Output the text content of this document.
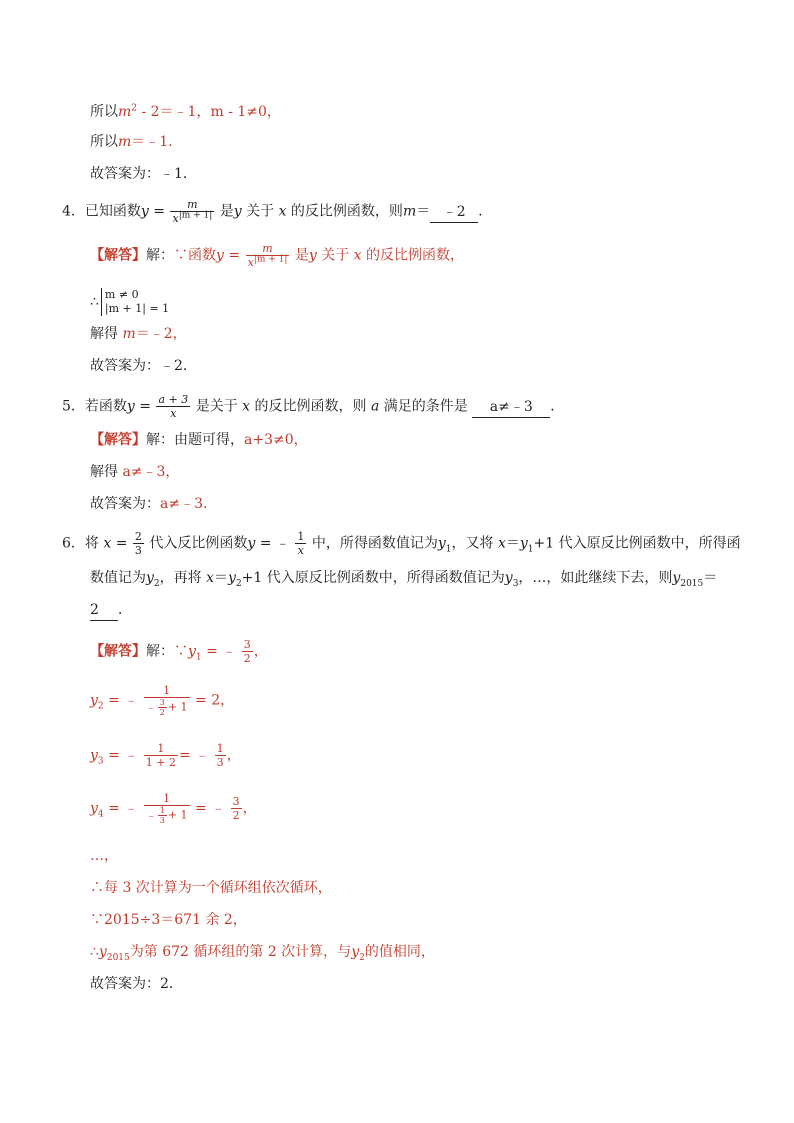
所以$m^2$ - 2＝﹣1，m - 1≠0，
所以m＝﹣1．
故答案为：﹣1．
4．已知函数$y = \frac{m}{x^{|m + 1|}}$ 是y 关于 x 的反比例函数，则m＝ ﹣2 ．
【解答】解：∵函数$y = \frac{m}{x^{|m + 1|}}$ 是y 关于 x 的反比例函数，
∴ m ≠ 0
|m + 1| = 1
解得 m＝﹣2，
故答案为：﹣2．
5．若函数$y = \frac{a + 3}{x}$ 是关于 x 的反比例函数，则 a 满足的条件是 a≠﹣3 ．
【解答】解：由题可得，a+3≠0，
解得 a≠﹣3，
故答案为：a≠﹣3．
6．将 $x = \frac{2}{3}$ 代入反比例函数y = ﹣ $\frac{1}{x}$ 中，所得函数值记为$y_1$，又将 $x=y_1+1$ 代入原反比例函数中，所得函
数值记为$y_2$，再将 $x=y_2+1$ 代入原反比例函数中，所得函数值记为$y_3$，…，如此继续下去，则$y_{2015}=$
2 ．
【解答】解：$\because y_1$ = ﹣ $\frac{3}{2}$ ，
$y_2$ = ﹣ $\frac{1}{﹣ \frac{3}{2} + 1} = 2$，
$y_3$ = ﹣ $\frac{1}{1 + 2}$ = ﹣ $\frac{1}{3}$ ，
$y_4$ = ﹣ $\frac{1}{﹣ \frac{1}{3} + 1}$ = ﹣ $\frac{3}{2}$ ，
…，
∴每 3 次计算为一个循环组依次循环，
∵2015÷3＝671 余 2，
$\therefore y_{2015}$为第 672 循环组的第 2 次计算，与$y_2$的值相同，
故答案为：2．
